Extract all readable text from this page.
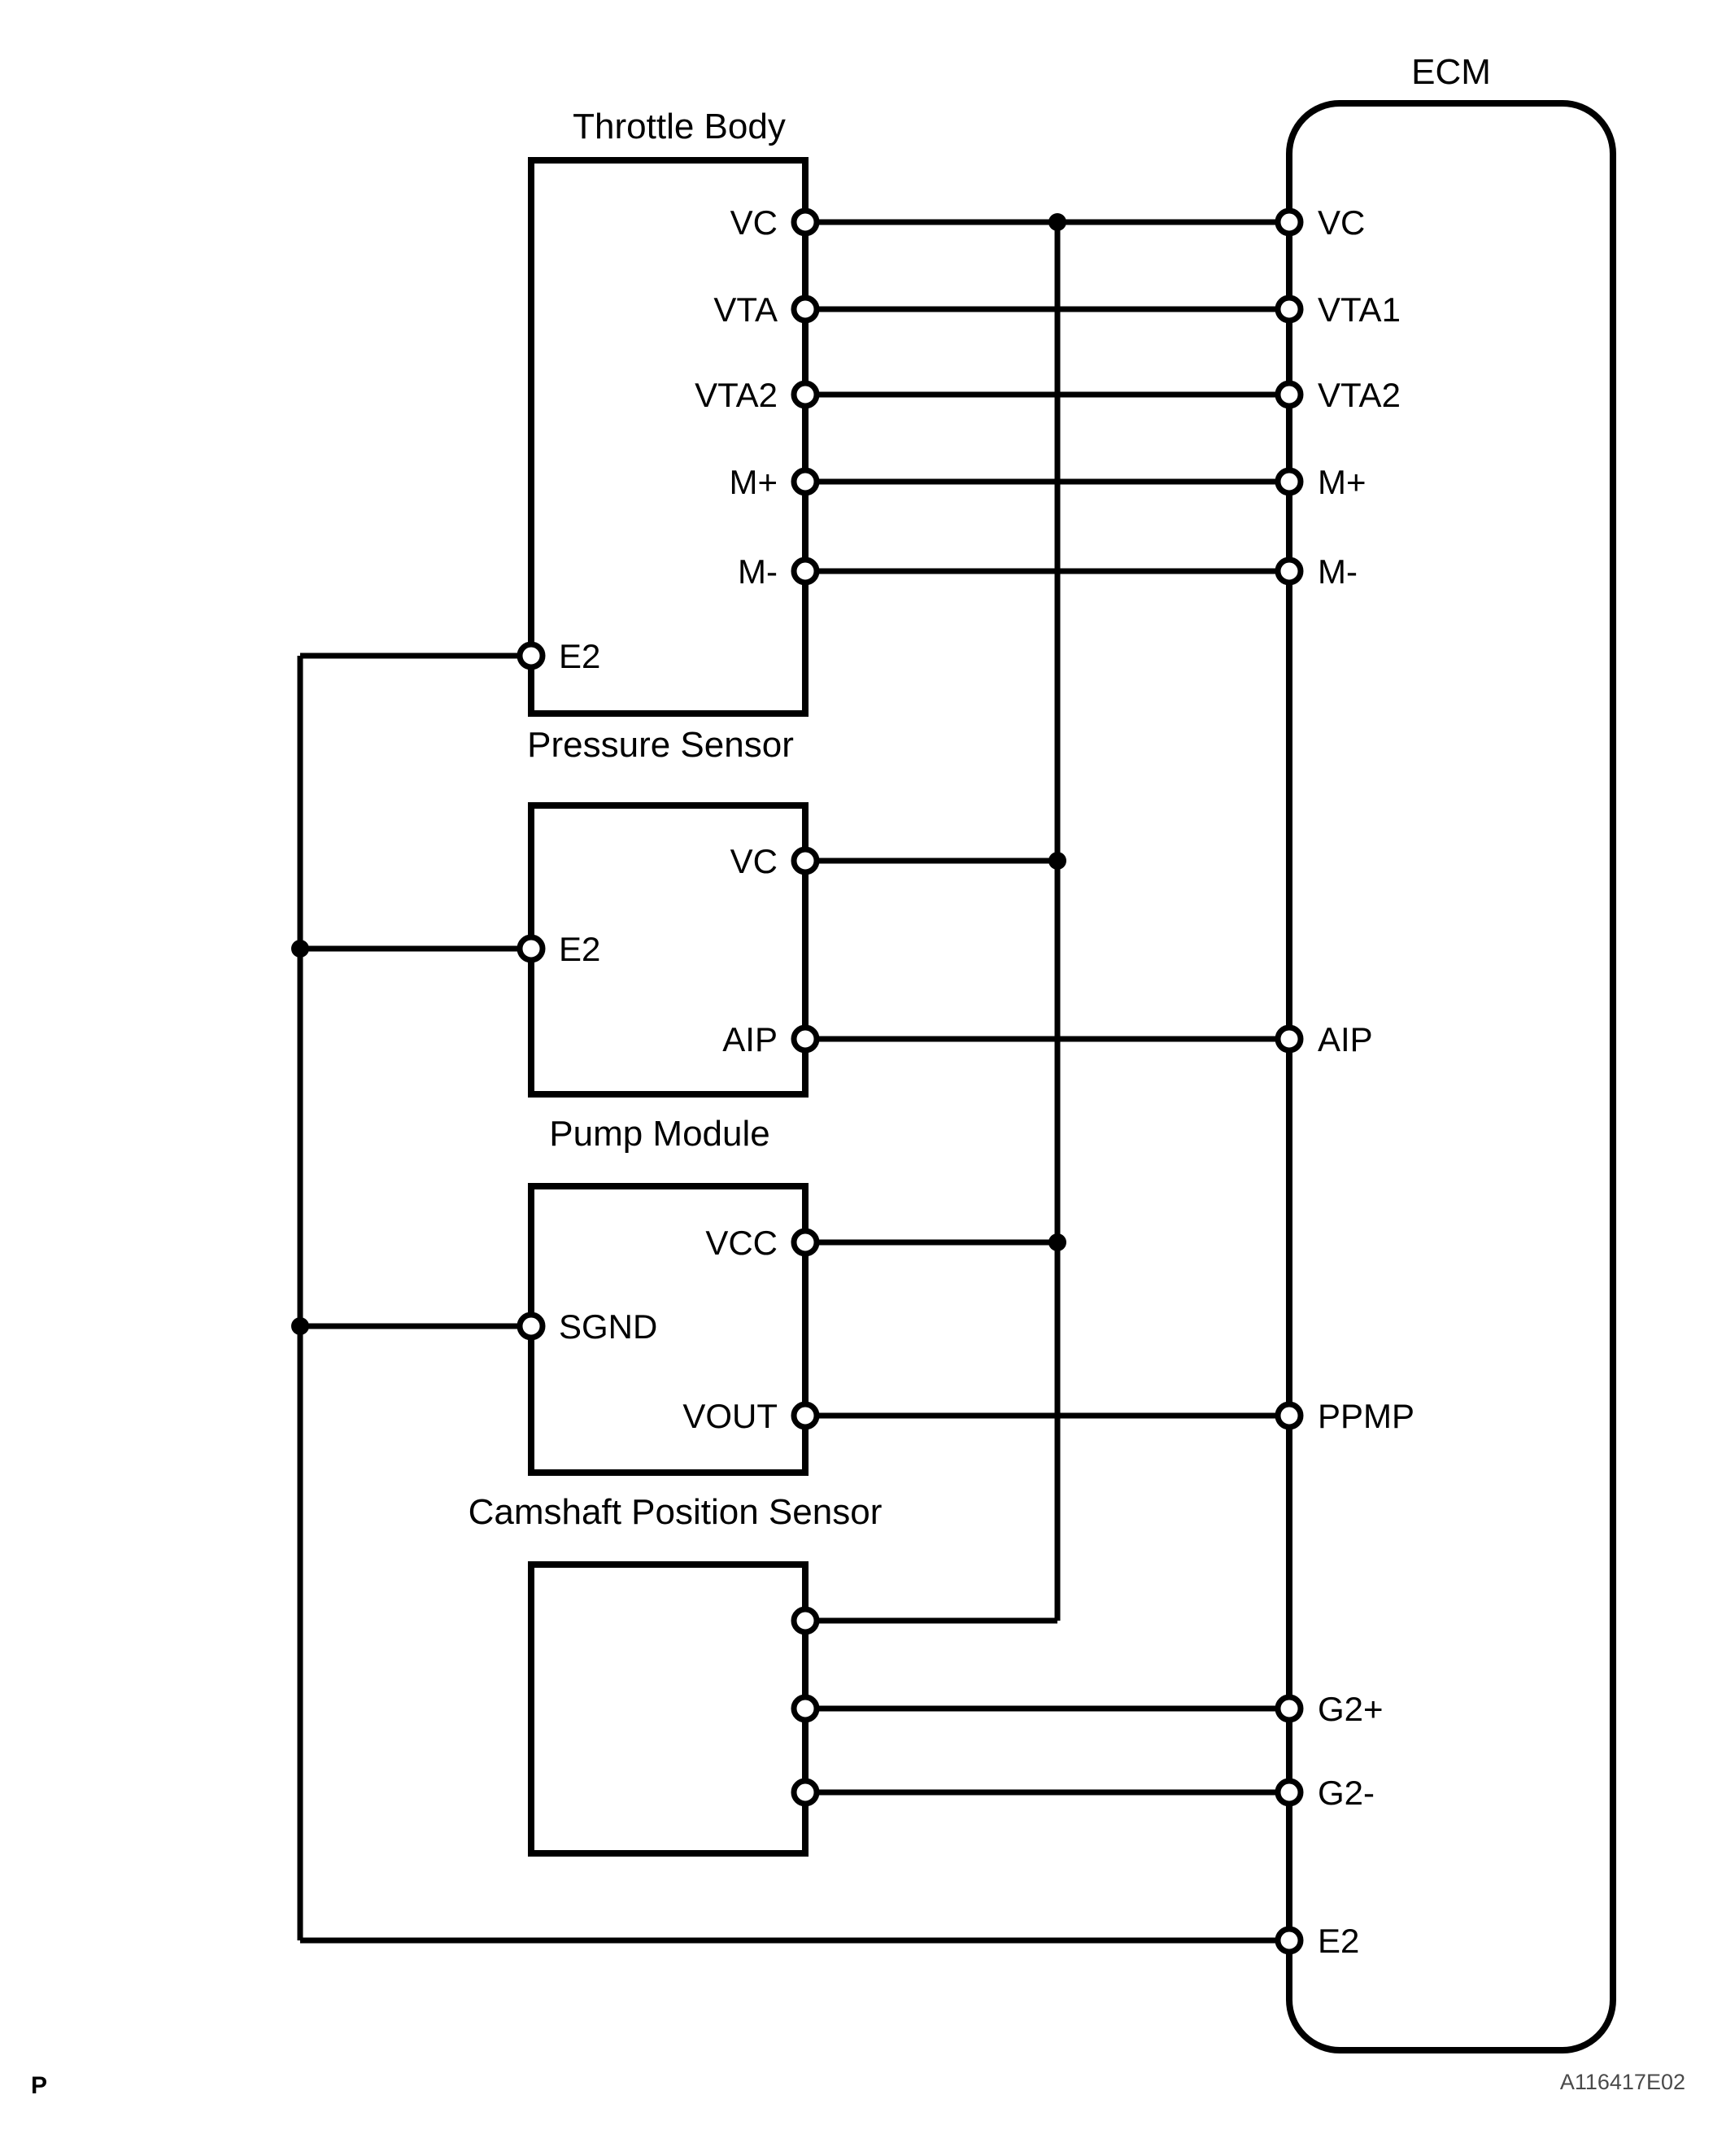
Throttle Body
Pressure Sensor
Pump Module
Camshaft Position Sensor
ECM
VC
VTA
VTA2
M+
M-
E2
VC
E2
AIP
VCC
SGND
VOUT
VC
VTA1
VTA2
M+
M-
AIP
PPMP
G2+
G2-
E2
P	A116417E02
